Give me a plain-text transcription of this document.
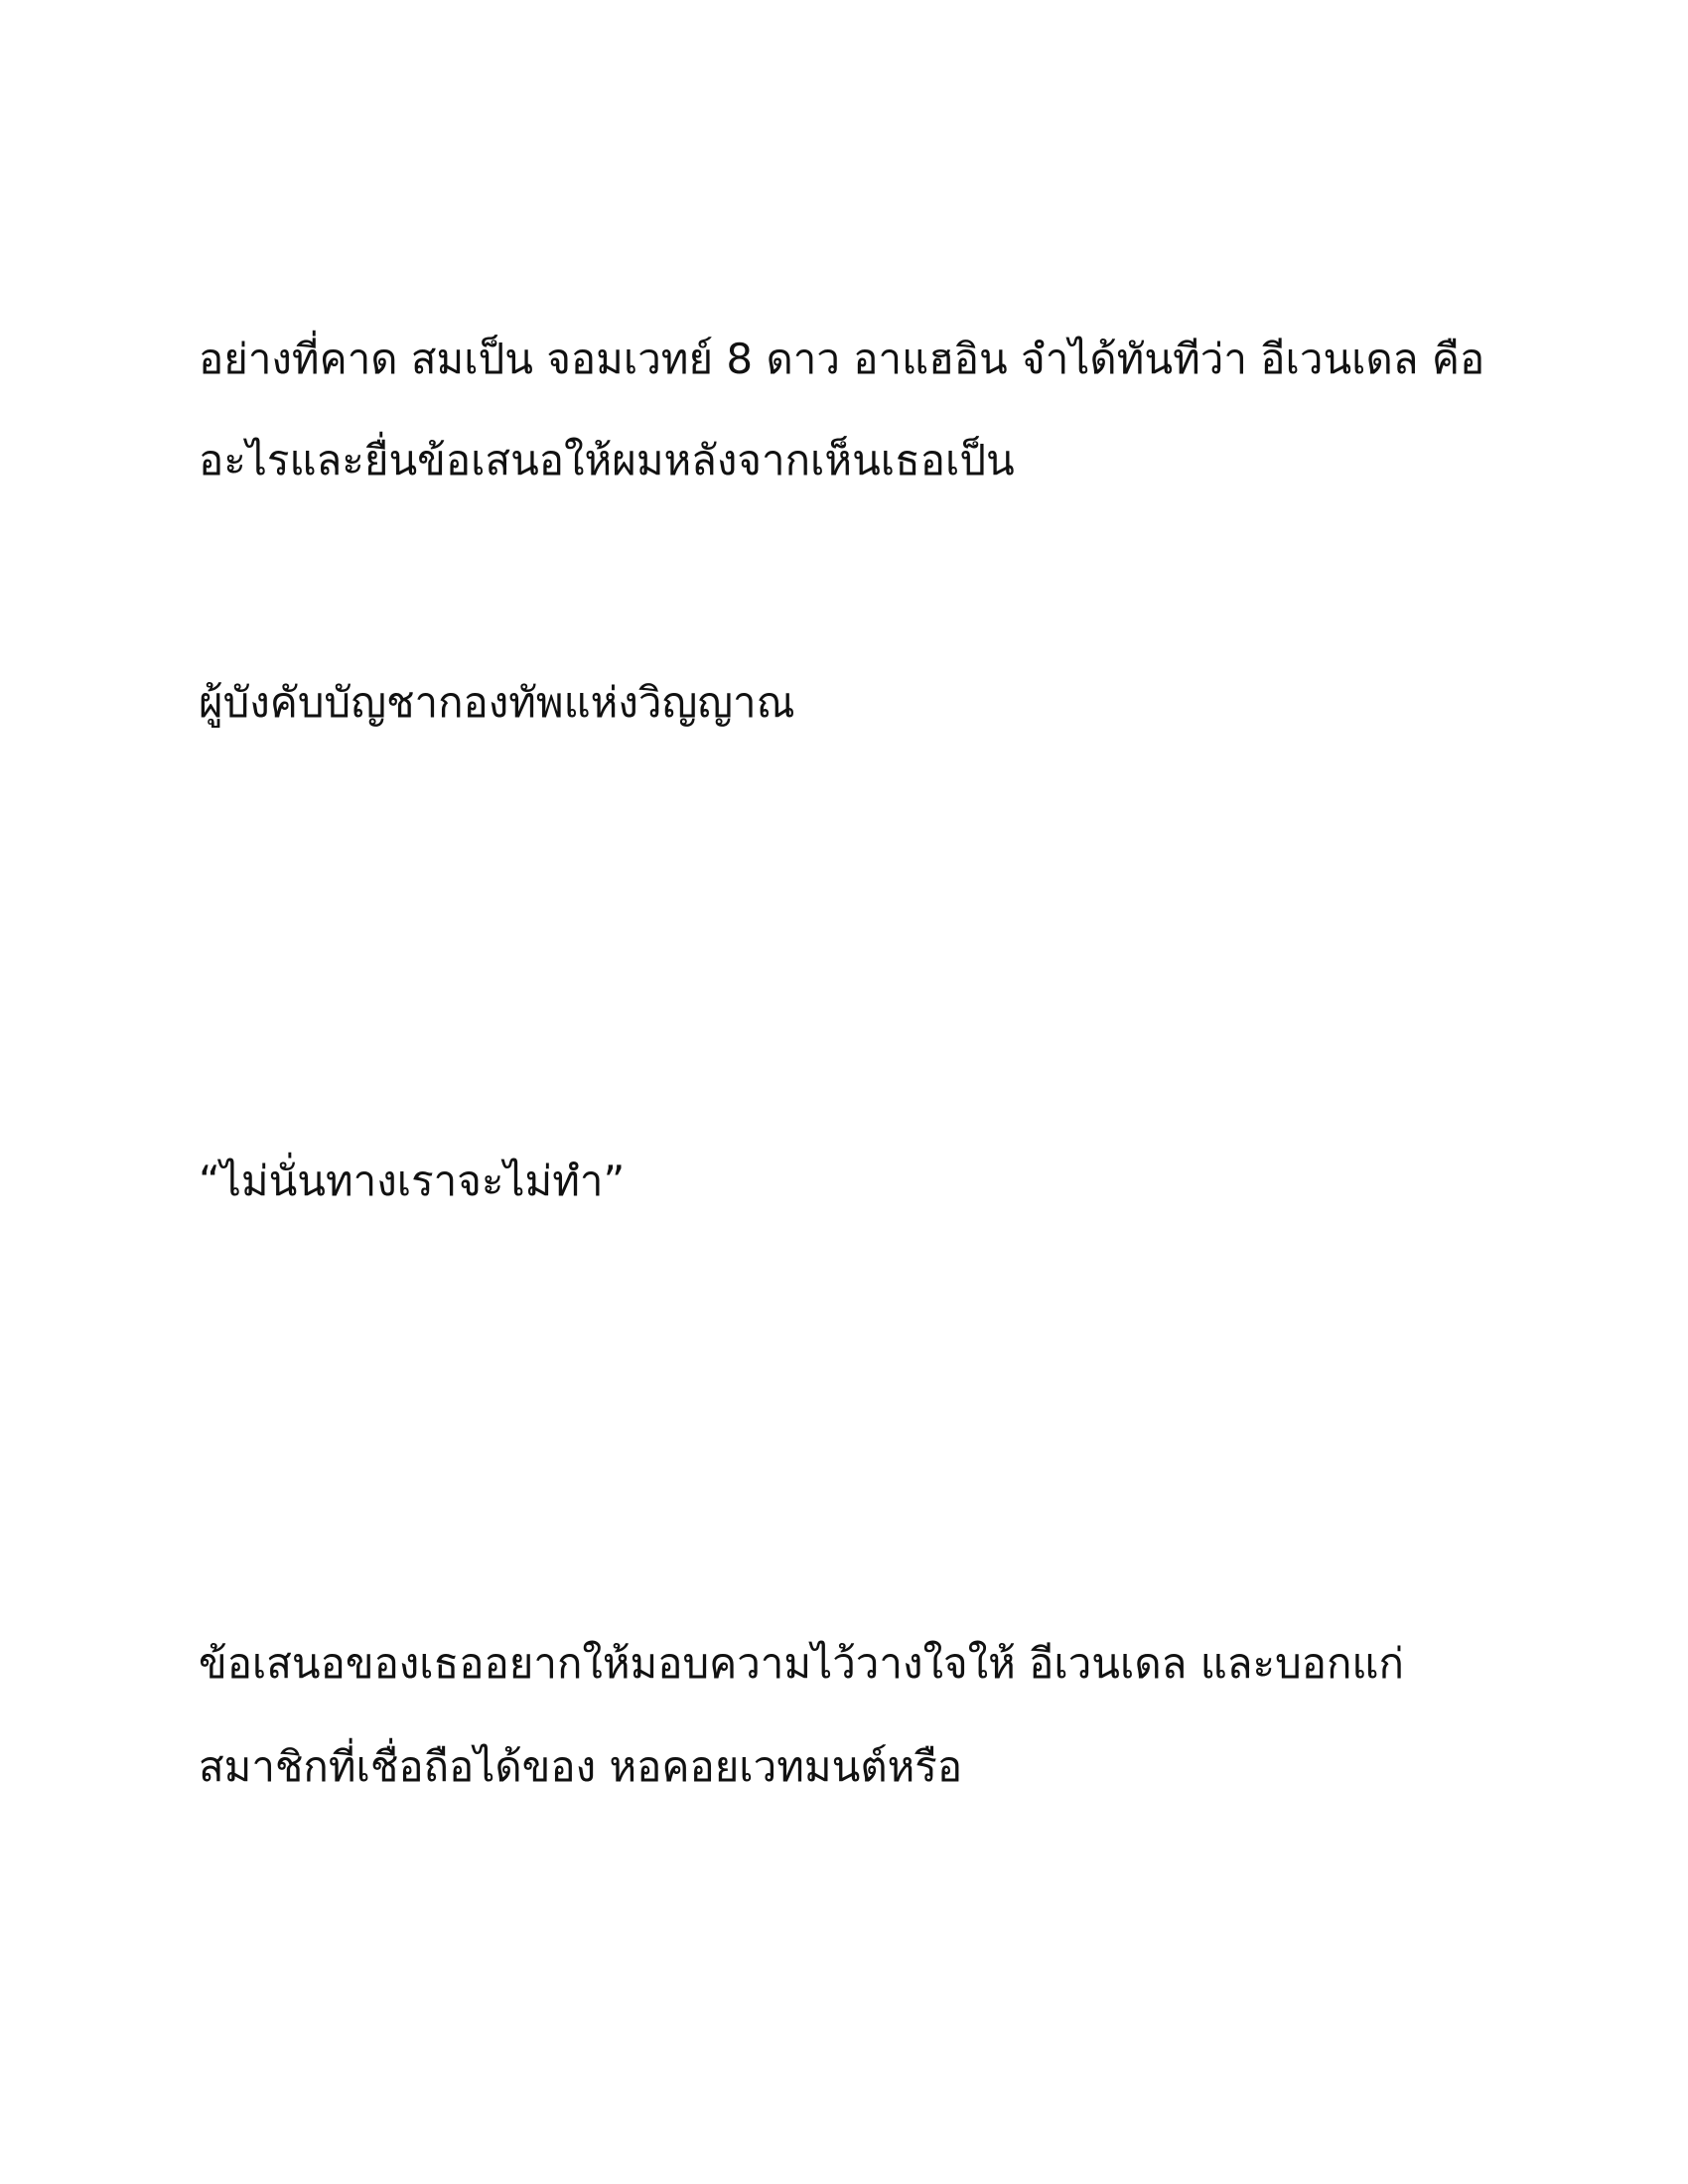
อย่างที่คาด สมเป็น จอมเวทย์ 8 ดาว อาแฮอิน จำได้ทันทีว่า อีเวนเดล คือ

อะไรและยื่นข้อเสนอให้ผมหลังจากเห็นเธอเป็น

ผู้บังคับบัญชากองทัพแห่งวิญญาณ

“ไม่นั่นทางเราจะไม่ทำ”

ข้อเสนอของเธออยากให้มอบความไว้วางใจให้ อีเวนเดล และบอกแก่

สมาชิกที่เชื่อถือได้ของ หอคอยเวทมนต์หรือ
